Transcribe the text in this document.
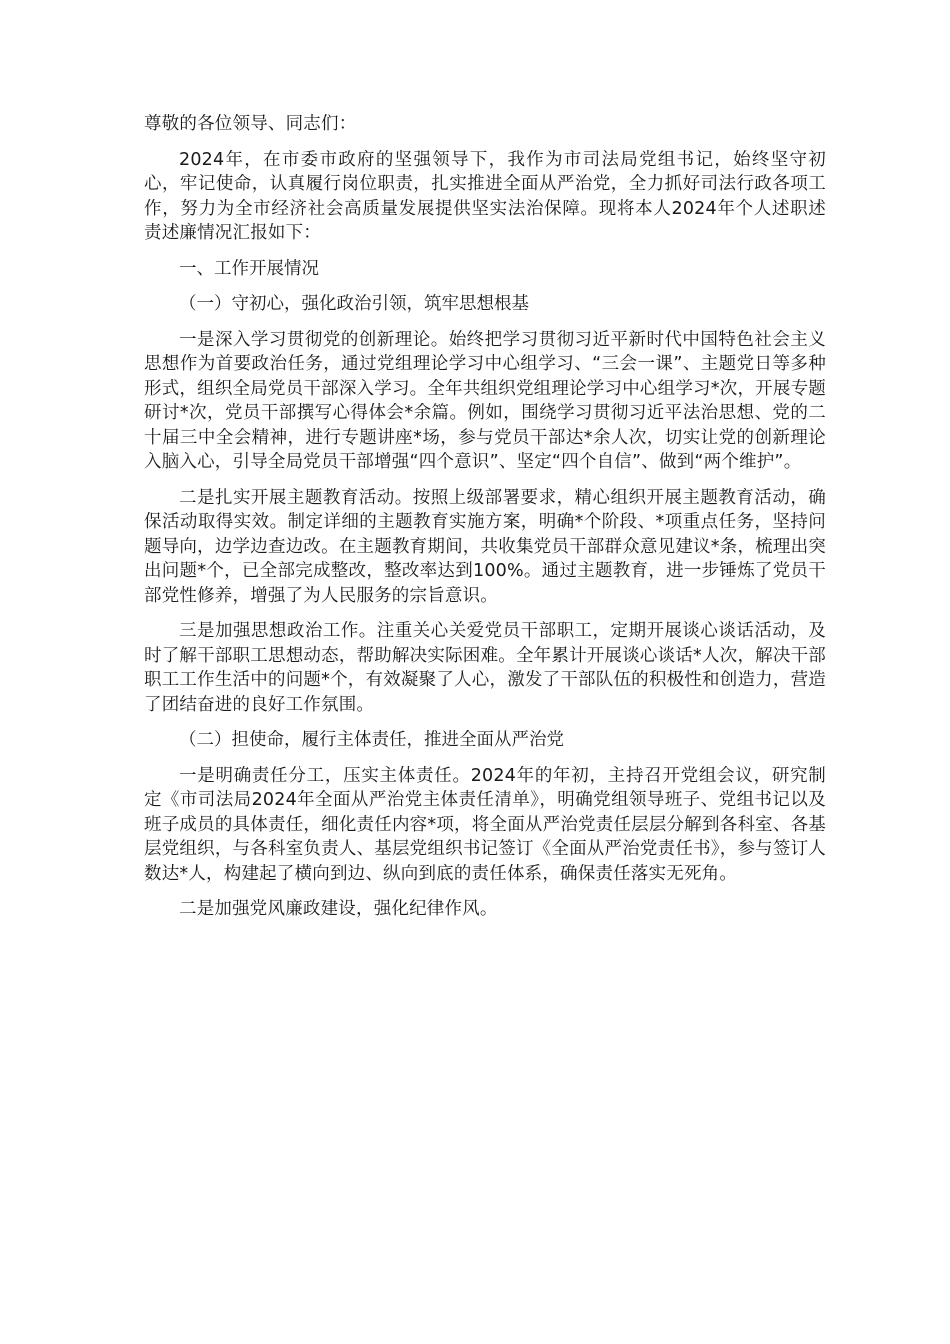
尊敬的各位领导、同志们：

2024年，在市委市政府的坚强领导下，我作为市司法局党组书记，始终坚守初心，牢记使命，认真履行岗位职责，扎实推进全面从严治党，全力抓好司法行政各项工作，努力为全市经济社会高质量发展提供坚实法治保障。现将本人2024年个人述职述责述廉情况汇报如下：

一、工作开展情况

（一）守初心，强化政治引领，筑牢思想根基

一是深入学习贯彻党的创新理论。始终把学习贯彻习近平新时代中国特色社会主义思想作为首要政治任务，通过党组理论学习中心组学习、“三会一课”、主题党日等多种形式，组织全局党员干部深入学习。全年共组织党组理论学习中心组学习*次，开展专题研讨*次，党员干部撰写心得体会*余篇。例如，围绕学习贯彻习近平法治思想、党的二十届三中全会精神，进行专题讲座*场，参与党员干部达*余人次，切实让党的创新理论入脑入心，引导全局党员干部增强“四个意识”、坚定“四个自信”、做到“两个维护”。

二是扎实开展主题教育活动。按照上级部署要求，精心组织开展主题教育活动，确保活动取得实效。制定详细的主题教育实施方案，明确*个阶段、*项重点任务，坚持问题导向，边学边查边改。在主题教育期间，共收集党员干部群众意见建议*条，梳理出突出问题*个，已全部完成整改，整改率达到100%。通过主题教育，进一步锤炼了党员干部党性修养，增强了为人民服务的宗旨意识。

三是加强思想政治工作。注重关心关爱党员干部职工，定期开展谈心谈话活动，及时了解干部职工思想动态，帮助解决实际困难。全年累计开展谈心谈话*人次，解决干部职工工作生活中的问题*个，有效凝聚了人心，激发了干部队伍的积极性和创造力，营造了团结奋进的良好工作氛围。

（二）担使命，履行主体责任，推进全面从严治党

一是明确责任分工，压实主体责任。2024年的年初，主持召开党组会议，研究制定《市司法局2024年全面从严治党主体责任清单》，明确党组领导班子、党组书记以及班子成员的具体责任，细化责任内容*项，将全面从严治党责任层层分解到各科室、各基层党组织，与各科室负责人、基层党组织书记签订《全面从严治党责任书》，参与签订人数达*人，构建起了横向到边、纵向到底的责任体系，确保责任落实无死角。

二是加强党风廉政建设，强化纪律作风。
